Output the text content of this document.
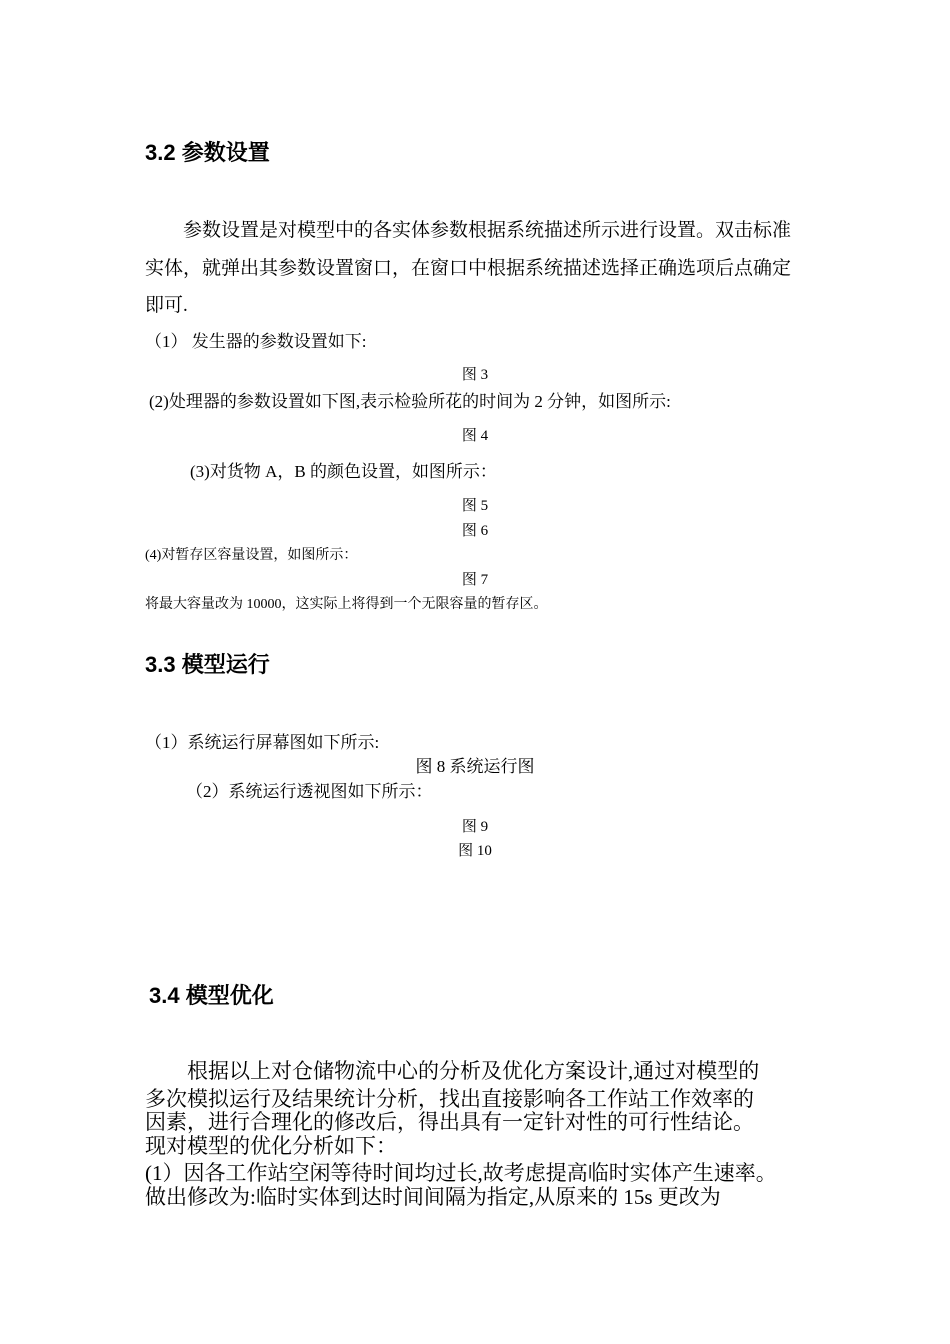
3.2 参数设置
参数设置是对模型中的各实体参数根据系统描述所示进行设置。双击标准
实体，就弹出其参数设置窗口，在窗口中根据系统描述选择正确选项后点确定
即可.
（1） 发生器的参数设置如下:
图 3
(2)处理器的参数设置如下图,表示检验所花的时间为 2 分钟，如图所示:
图 4
(3)对货物 A，B 的颜色设置，如图所示：
图 5
图 6
(4)对暂存区容量设置，如图所示：
图 7
将最大容量改为 10000，这实际上将得到一个无限容量的暂存区。
3.3 模型运行
（1）系统运行屏幕图如下所示:
图 8 系统运行图
（2）系统运行透视图如下所示：
图 9
图 10
3.4 模型优化
根据以上对仓储物流中心的分析及优化方案设计,通过对模型的
多次模拟运行及结果统计分析，找出直接影响各工作站工作效率的
因素，进行合理化的修改后，得出具有一定针对性的可行性结论。
现对模型的优化分析如下：
(1）因各工作站空闲等待时间均过长,故考虑提高临时实体产生速率。
做出修改为:临时实体到达时间间隔为指定,从原来的 15s 更改为
